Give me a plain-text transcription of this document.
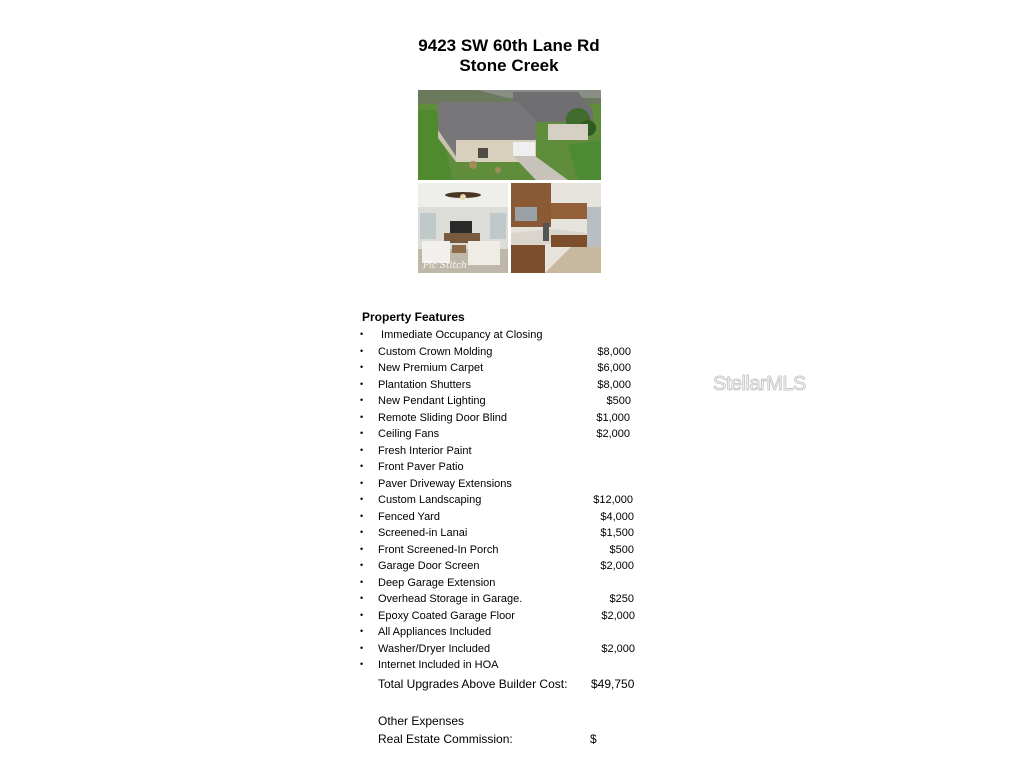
9423 SW 60th Lane Rd
Stone Creek
Pic Stitch
StellarMLS
Property Features
• Immediate Occupancy at Closing
• Custom Crown Molding	$8,000
• New Premium Carpet	$6,000
• Plantation Shutters	$8,000
• New Pendant Lighting	$500
• Remote Sliding Door Blind	$1,000
• Ceiling Fans	$2,000
• Fresh Interior Paint
• Front Paver Patio
• Paver Driveway Extensions
• Custom Landscaping	$12,000
• Fenced Yard	$4,000
• Screened-in Lanai	$1,500
• Front Screened-In Porch	$500
• Garage Door Screen	$2,000
• Deep Garage Extension
• Overhead Storage in Garage.	$250
• Epoxy Coated Garage Floor	$2,000
• All Appliances Included
• Washer/Dryer Included	$2,000
• Internet Included in HOA
Total Upgrades Above Builder Cost: $49,750
Other Expenses
Real Estate Commission:	$
